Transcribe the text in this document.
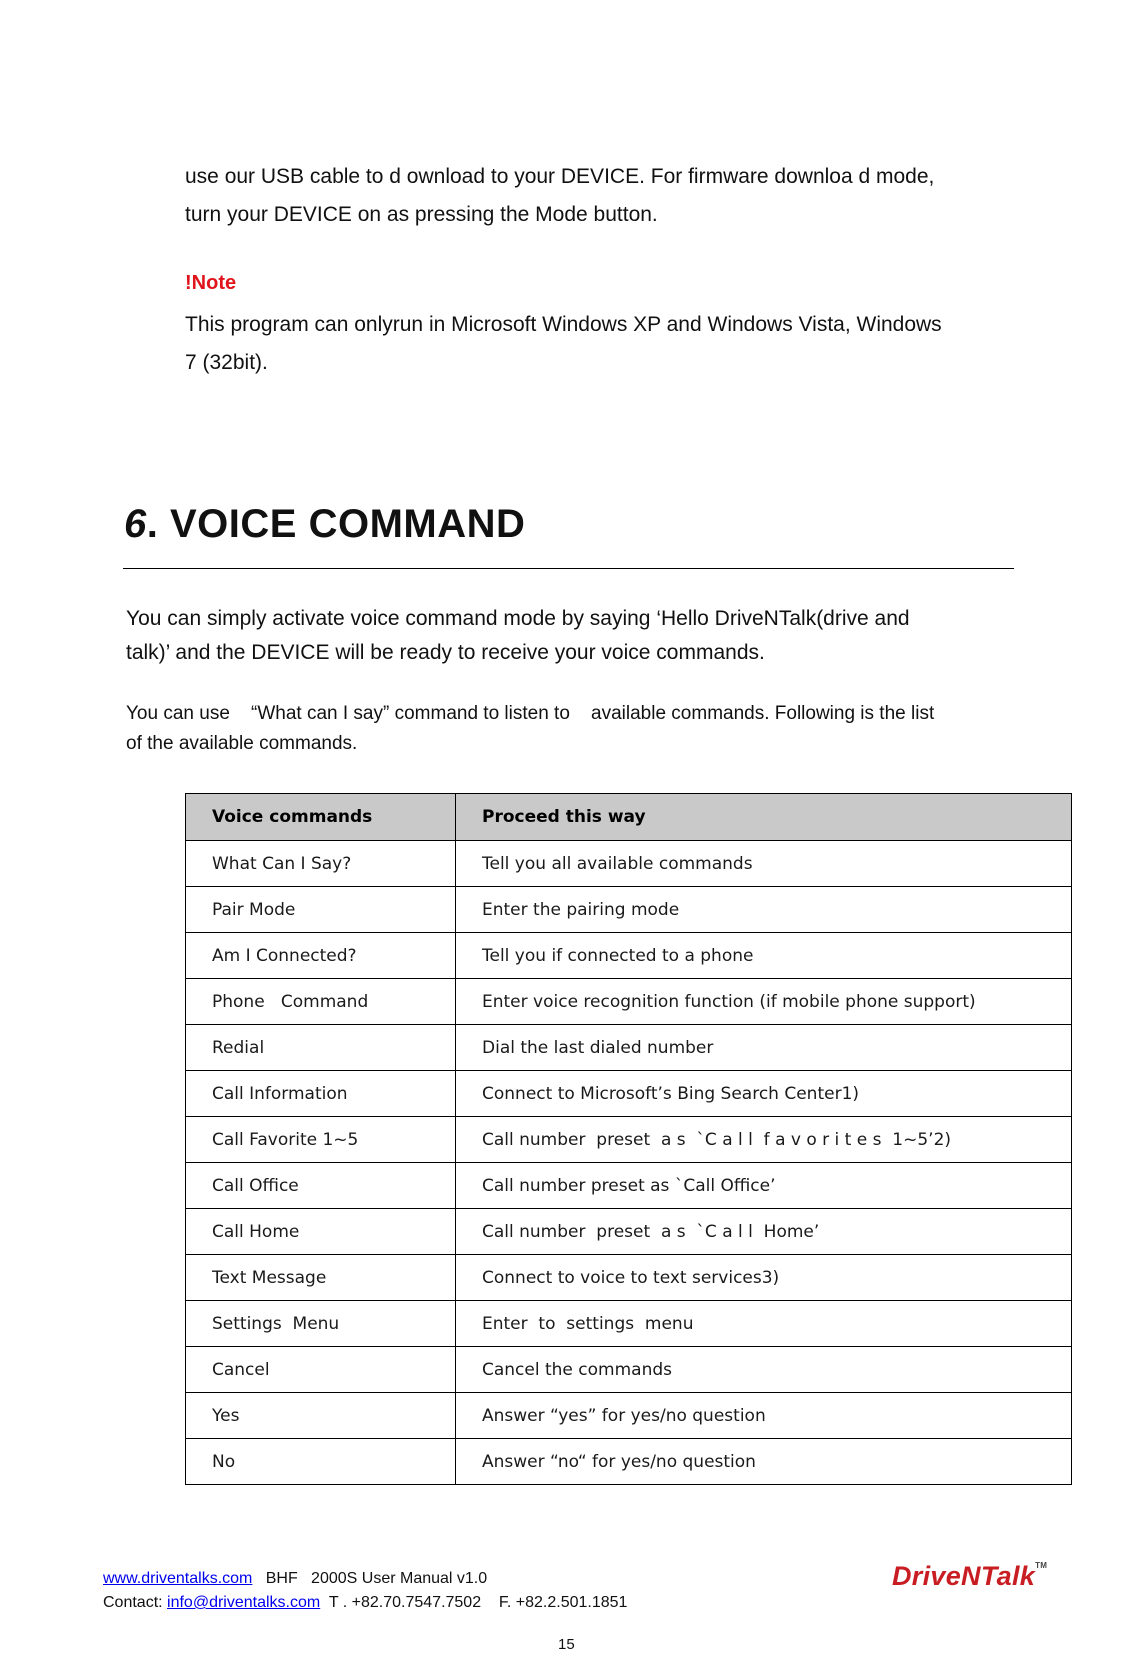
use our USB cable to d ownload to your DEVICE. For firmware downloa d mode,
turn your DEVICE on as pressing the Mode button.
!Note
This program can onlyrun in Microsoft Windows XP and Windows Vista, Windows
7 (32bit).
6. VOICE COMMAND
You can simply activate voice command mode by saying ‘Hello DriveNTalk(drive and
talk)’ and the DEVICE will be ready to receive your voice commands.
You can use    “What can I say” command to listen to    available commands. Following is the list
of the available commands.
Voice commands	Proceed this way
What Can I Say?	Tell you all available commands
Pair Mode	Enter the pairing mode
Am I Connected?	Tell you if connected to a phone
Phone   Command	Enter voice recognition function (if mobile phone support)
Redial	Dial the last dialed number
Call Information	Connect to Microsoft’s Bing Search Center1)
Call Favorite 1~5	Call number  preset  a s  `C a l l  f a v o r i t e s  1~5’2)
Call Office	Call number preset as `Call Office’
Call Home	Call number  preset  a s  `C a l l  Home’
Text Message	Connect to voice to text services3)
Settings  Menu	Enter  to  settings  menu
Cancel	Cancel the commands
Yes	Answer “yes” for yes/no question
No	Answer “no“ for yes/no question
www.driventalks.com   BHF   2000S User Manual v1.0
Contact: info@driventalks.com  T . +82.70.7547.7502    F. +82.2.501.1851
DriveNTalk™
15
